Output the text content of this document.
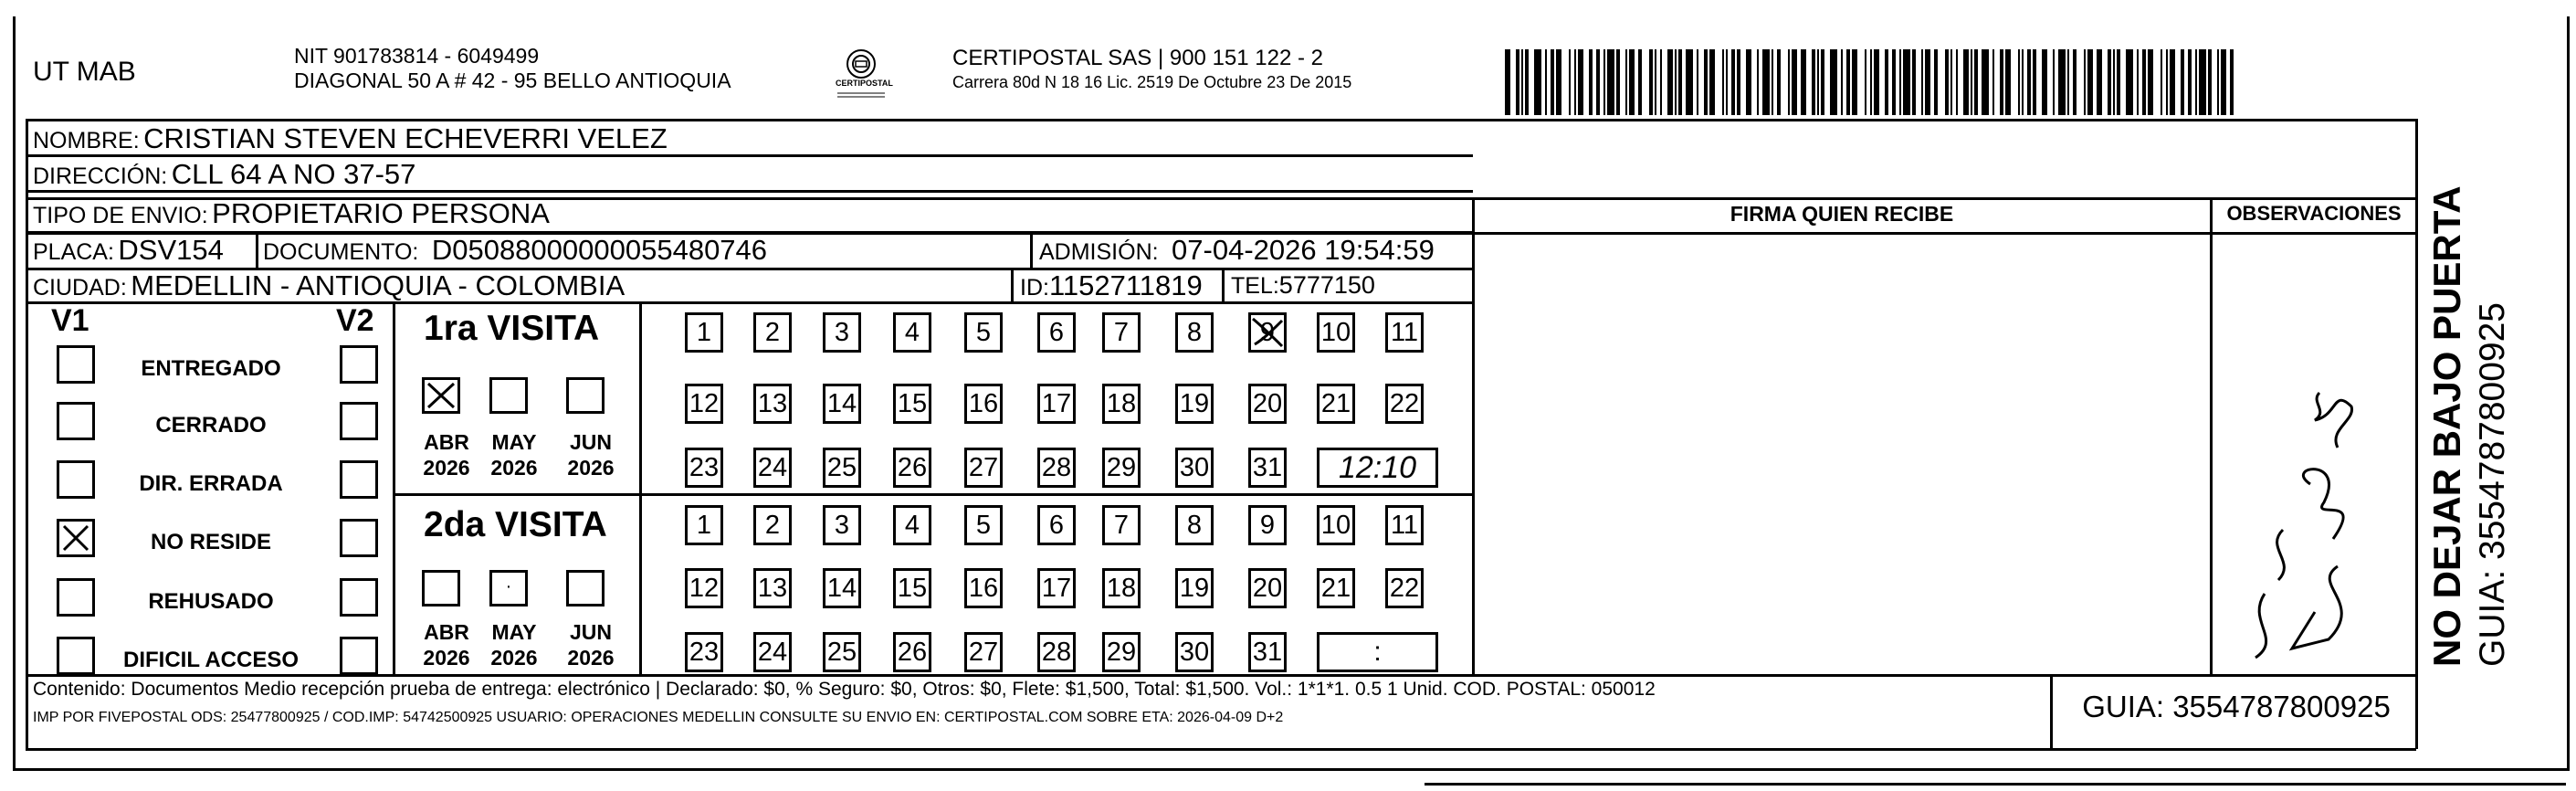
UT MAB
NIT 901783814 - 6049499
DIAGONAL 50 A # 42 - 95 BELLO ANTIOQUIA	CERTIPOSTAL
CERTIPOSTAL SAS | 900 151 122 - 2
Carrera 80d N 18 16 Lic. 2519 De Octubre 23 De 2015
NOMBRE: CRISTIAN STEVEN ECHEVERRI VELEZ
DIRECCIÓN: CLL 64 A NO 37-57
TIPO DE ENVIO: PROPIETARIO PERSONA
PLACA: DSV154 DOCUMENTO: D05088000000055480746	ADMISIÓN: 07-04-2026 19:54:59
CIUDAD: MEDELLIN - ANTIOQUIA - COLOMBIA	ID:1152711819 TEL:5777150
FIRMA QUIEN RECIBE	OBSERVACIONES
V1	V2
ENTREGADO
CERRADO
DIR. ERRADA
NO RESIDE
REHUSADO
DIFICIL ACCESO
1ra VISITA
ABR
2026
MAY
2026
JUN
2026
1	2	3	4	5	6	7	8	9	10 11
12 13 14 15 16 17 18 19 20 21 22
23 24 25 26 27 28 29 30 31	12:10
2da VISITA
ABR
2026
·
MAY
2026
JUN
2026
1	2	3	4	5	6	7	8	9	10 11
12 13 14 15 16 17 18 19 20 21 22
23 24 25 26 27 28 29 30 31	:
Contenido: Documentos Medio recepción prueba de entrega: electrónico | Declarado: $0, % Seguro: $0, Otros: $0, Flete: $1,500, Total: $1,500. Vol.: 1*1*1. 0.5 1 Unid. COD. POSTAL: 050012
IMP POR FIVEPOSTAL ODS: 25477800925 / COD.IMP: 54742500925 USUARIO: OPERACIONES MEDELLIN CONSULTE SU ENVIO EN: CERTIPOSTAL.COM SOBRE ETA: 2026-04-09 D+2	GUIA: 3554787800925
NO DEJAR BAJO PUERTA GUIA: 3554787800925
